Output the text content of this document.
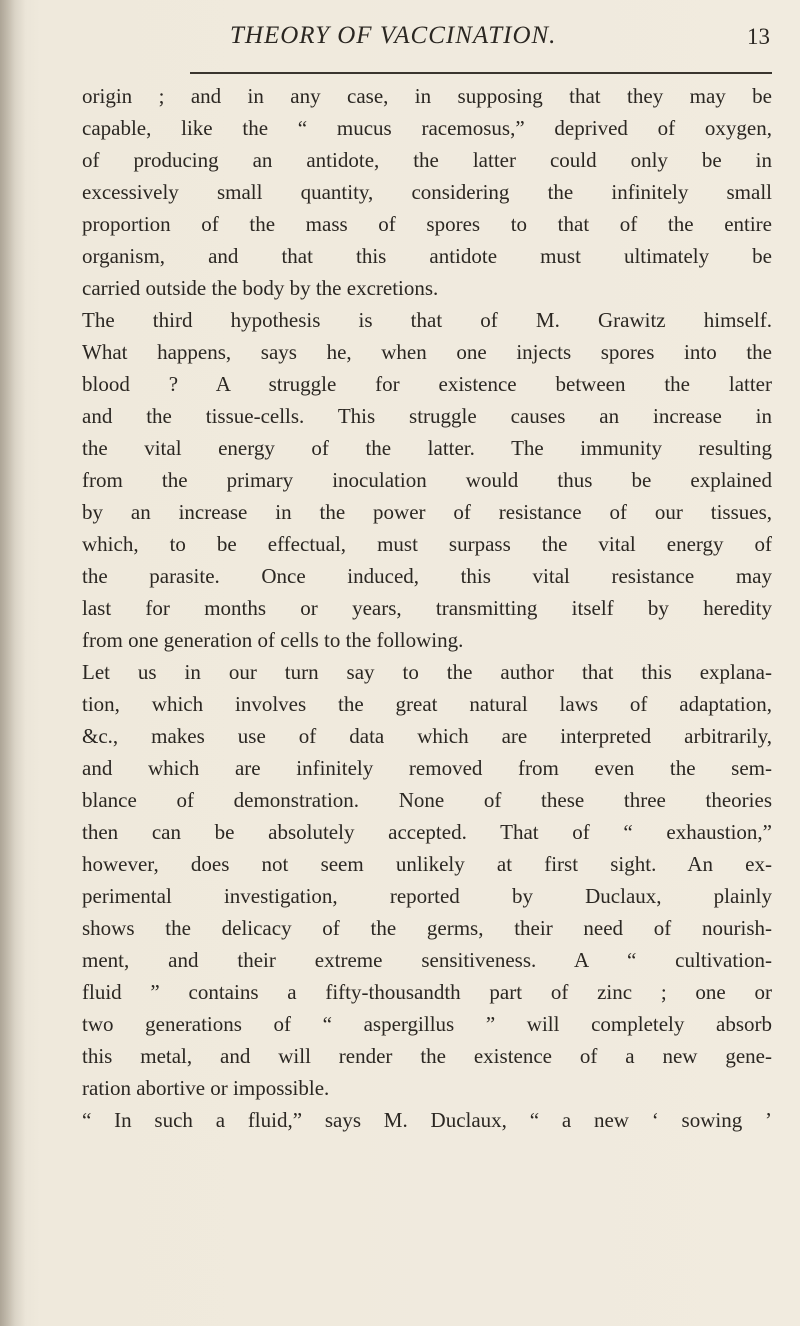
THEORY OF VACCINATION.	13
origin ; and in any case, in supposing that they may be
capable, like the “ mucus racemosus,” deprived of oxygen,
of producing an antidote, the latter could only be in
excessively small quantity, considering the infinitely small
proportion of the mass of spores to that of the entire
organism, and that this antidote must ultimately be
carried outside the body by the excretions.
The third hypothesis is that of M. Grawitz himself.
What happens, says he, when one injects spores into the
blood ? A struggle for existence between the latter
and the tissue-cells. This struggle causes an increase in
the vital energy of the latter. The immunity resulting
from the primary inoculation would thus be explained
by an increase in the power of resistance of our tissues,
which, to be effectual, must surpass the vital energy of
the parasite. Once induced, this vital resistance may
last for months or years, transmitting itself by heredity
from one generation of cells to the following.
Let us in our turn say to the author that this explana-
tion, which involves the great natural laws of adaptation,
&c., makes use of data which are interpreted arbitrarily,
and which are infinitely removed from even the sem-
blance of demonstration. None of these three theories
then can be absolutely accepted. That of “ exhaustion,”
however, does not seem unlikely at first sight. An ex-
perimental investigation, reported by Duclaux, plainly
shows the delicacy of the germs, their need of nourish-
ment, and their extreme sensitiveness. A “ cultivation-
fluid ” contains a fifty-thousandth part of zinc ; one or
two generations of “ aspergillus ” will completely absorb
this metal, and will render the existence of a new gene-
ration abortive or impossible.
“ In such a fluid,” says M. Duclaux, “ a new ‘ sowing ’
